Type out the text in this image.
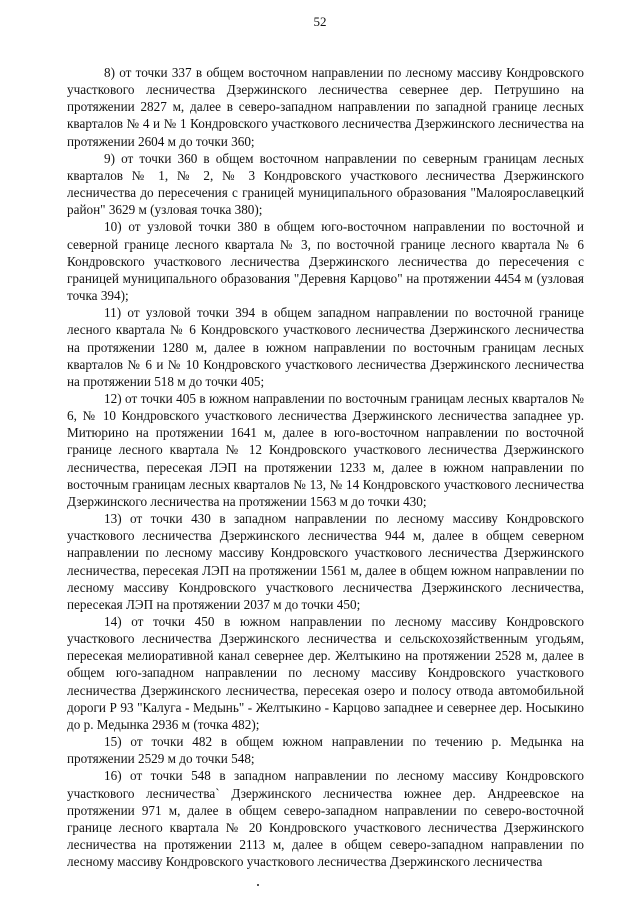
52

8) от точки 337 в общем восточном направлении по лесному массиву Кондровского участкового лесничества Дзержинского лесничества севернее дер. Петрушино на протяжении 2827 м, далее в северо-западном направлении по западной границе лесных кварталов № 4 и № 1 Кондровского участкового лесничества Дзержинского лесничества на протяжении 2604 м до точки 360;

9) от точки 360 в общем восточном направлении по северным границам лесных кварталов № 1, № 2, № 3 Кондровского участкового лесничества Дзержинского лесничества до пересечения с границей муниципального образования "Малоярославецкий район" 3629 м (узловая точка 380);

10) от узловой точки 380 в общем юго-восточном направлении по восточной и северной границе лесного квартала № 3, по восточной границе лесного квартала № 6 Кондровского участкового лесничества Дзержинского лесничества до пересечения с границей муниципального образования "Деревня Карцово" на протяжении 4454 м (узловая точка 394);

11) от узловой точки 394 в общем западном направлении по восточной границе лесного квартала № 6 Кондровского участкового лесничества Дзержинского лесничества на протяжении 1280 м, далее в южном направлении по восточным границам лесных кварталов № 6 и № 10 Кондровского участкового лесничества Дзержинского лесничества на протяжении 518 м до точки 405;

12) от точки 405 в южном направлении по восточным границам лесных кварталов № 6, № 10 Кондровского участкового лесничества Дзержинского лесничества западнее ур. Митюрино на протяжении 1641 м, далее в юго-восточном направлении по восточной границе лесного квартала № 12 Кондровского участкового лесничества Дзержинского лесничества, пересекая ЛЭП на протяжении 1233 м, далее в южном направлении по восточным границам лесных кварталов № 13, № 14 Кондровского участкового лесничества Дзержинского лесничества на протяжении 1563 м до точки 430;

13) от точки 430 в западном направлении по лесному массиву Кондровского участкового лесничества Дзержинского лесничества 944 м, далее в общем северном направлении по лесному массиву Кондровского участкового лесничества Дзержинского лесничества, пересекая ЛЭП на протяжении 1561 м, далее в общем южном направлении по лесному массиву Кондровского участкового лесничества Дзержинского лесничества, пересекая ЛЭП на протяжении 2037 м до точки 450;

14) от точки 450 в южном направлении по лесному массиву Кондровского участкового лесничества Дзержинского лесничества и сельскохозяйственным угодьям, пересекая мелиоративной канал севернее дер. Желтыкино на протяжении 2528 м, далее в общем юго-западном направлении по лесному массиву Кондровского участкового лесничества Дзержинского лесничества, пересекая озеро и полосу отвода автомобильной дороги Р 93 "Калуга - Медынь" - Желтыкино - Карцово западнее и севернее дер. Носыкино до р. Медынка 2936 м (точка 482);

15) от точки 482 в общем южном направлении по течению р. Медынка на протяжении 2529 м до точки 548;

16) от точки 548 в западном направлении по лесному массиву Кондровского участкового лесничества` Дзержинского лесничества южнее дер. Андреевское на протяжении 971 м, далее в общем северо-западном направлении по северо-восточной границе лесного квартала № 20 Кондровского участкового лесничества Дзержинского лесничества на протяжении 2113 м, далее в общем северо-западном направлении по лесному массиву Кондровского участкового лесничества Дзержинского лесничества
